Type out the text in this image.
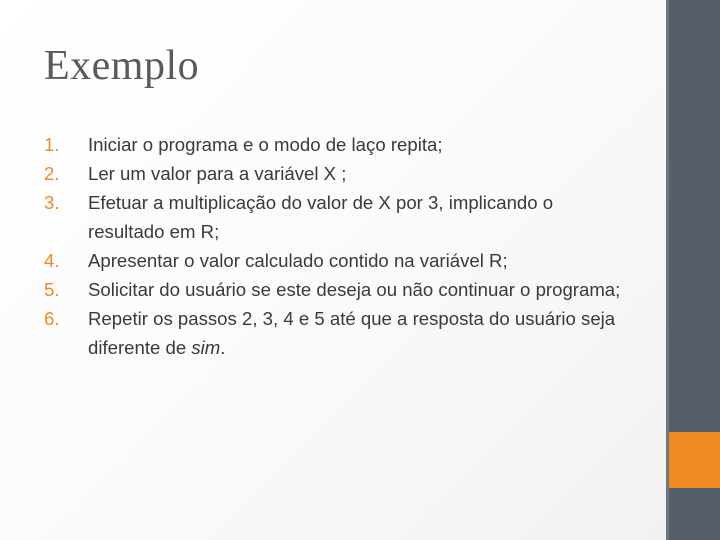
Exemplo
1. Iniciar o programa e o modo de laço repita;
2. Ler um valor para a variável X ;
3. Efetuar a multiplicação do valor de X por 3, implicando o resultado em R;
4. Apresentar o valor calculado contido na variável R;
5. Solicitar do usuário se este deseja ou não continuar o programa;
6. Repetir os passos 2, 3, 4 e 5 até que a resposta do usuário seja diferente de sim.
